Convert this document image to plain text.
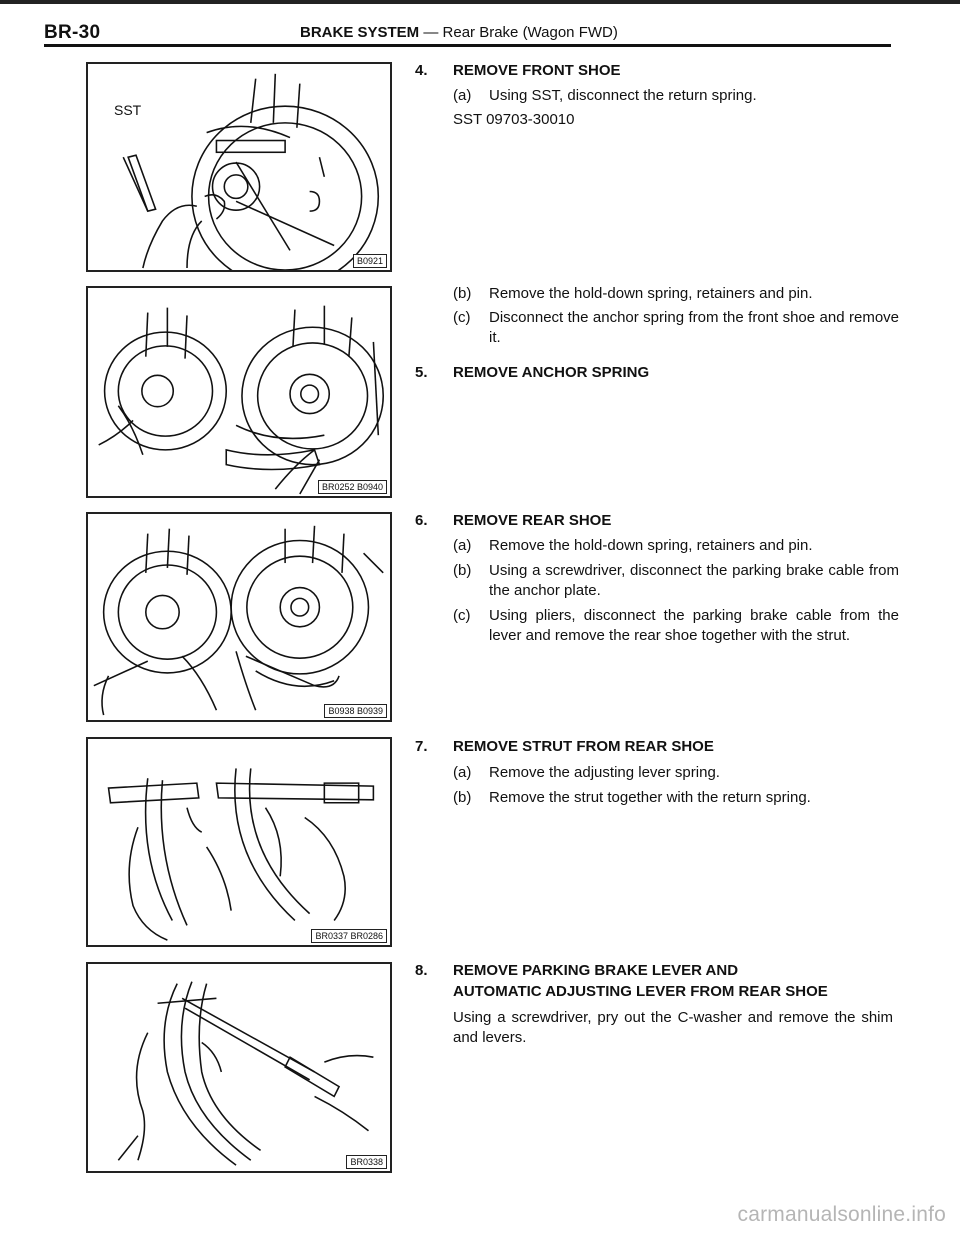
BR-30	BRAKE SYSTEM — Rear Brake (Wagon FWD)
SST
B0921
BR0252 B0940
B0938 B0939
BR0337 BR0286
BR0338
4. REMOVE FRONT SHOE
(a) Using SST, disconnect the return spring.
SST 09703-30010
(b) Remove the hold-down spring, retainers and pin.
(c) Disconnect the anchor spring from the front shoe and remove it.
5. REMOVE ANCHOR SPRING
6. REMOVE REAR SHOE
(a) Remove the hold-down spring, retainers and pin.
(b) Using a screwdriver, disconnect the parking brake cable from the anchor plate.
(c) Using pliers, disconnect the parking brake cable from the lever and remove the rear shoe together with the strut.
7. REMOVE STRUT FROM REAR SHOE
(a) Remove the adjusting lever spring.
(b) Remove the strut together with the return spring.
8. REMOVE PARKING BRAKE LEVER AND
AUTOMATIC ADJUSTING LEVER FROM REAR SHOE
Using a screwdriver, pry out the C-washer and remove the shim and levers.
carmanualsonline.info
